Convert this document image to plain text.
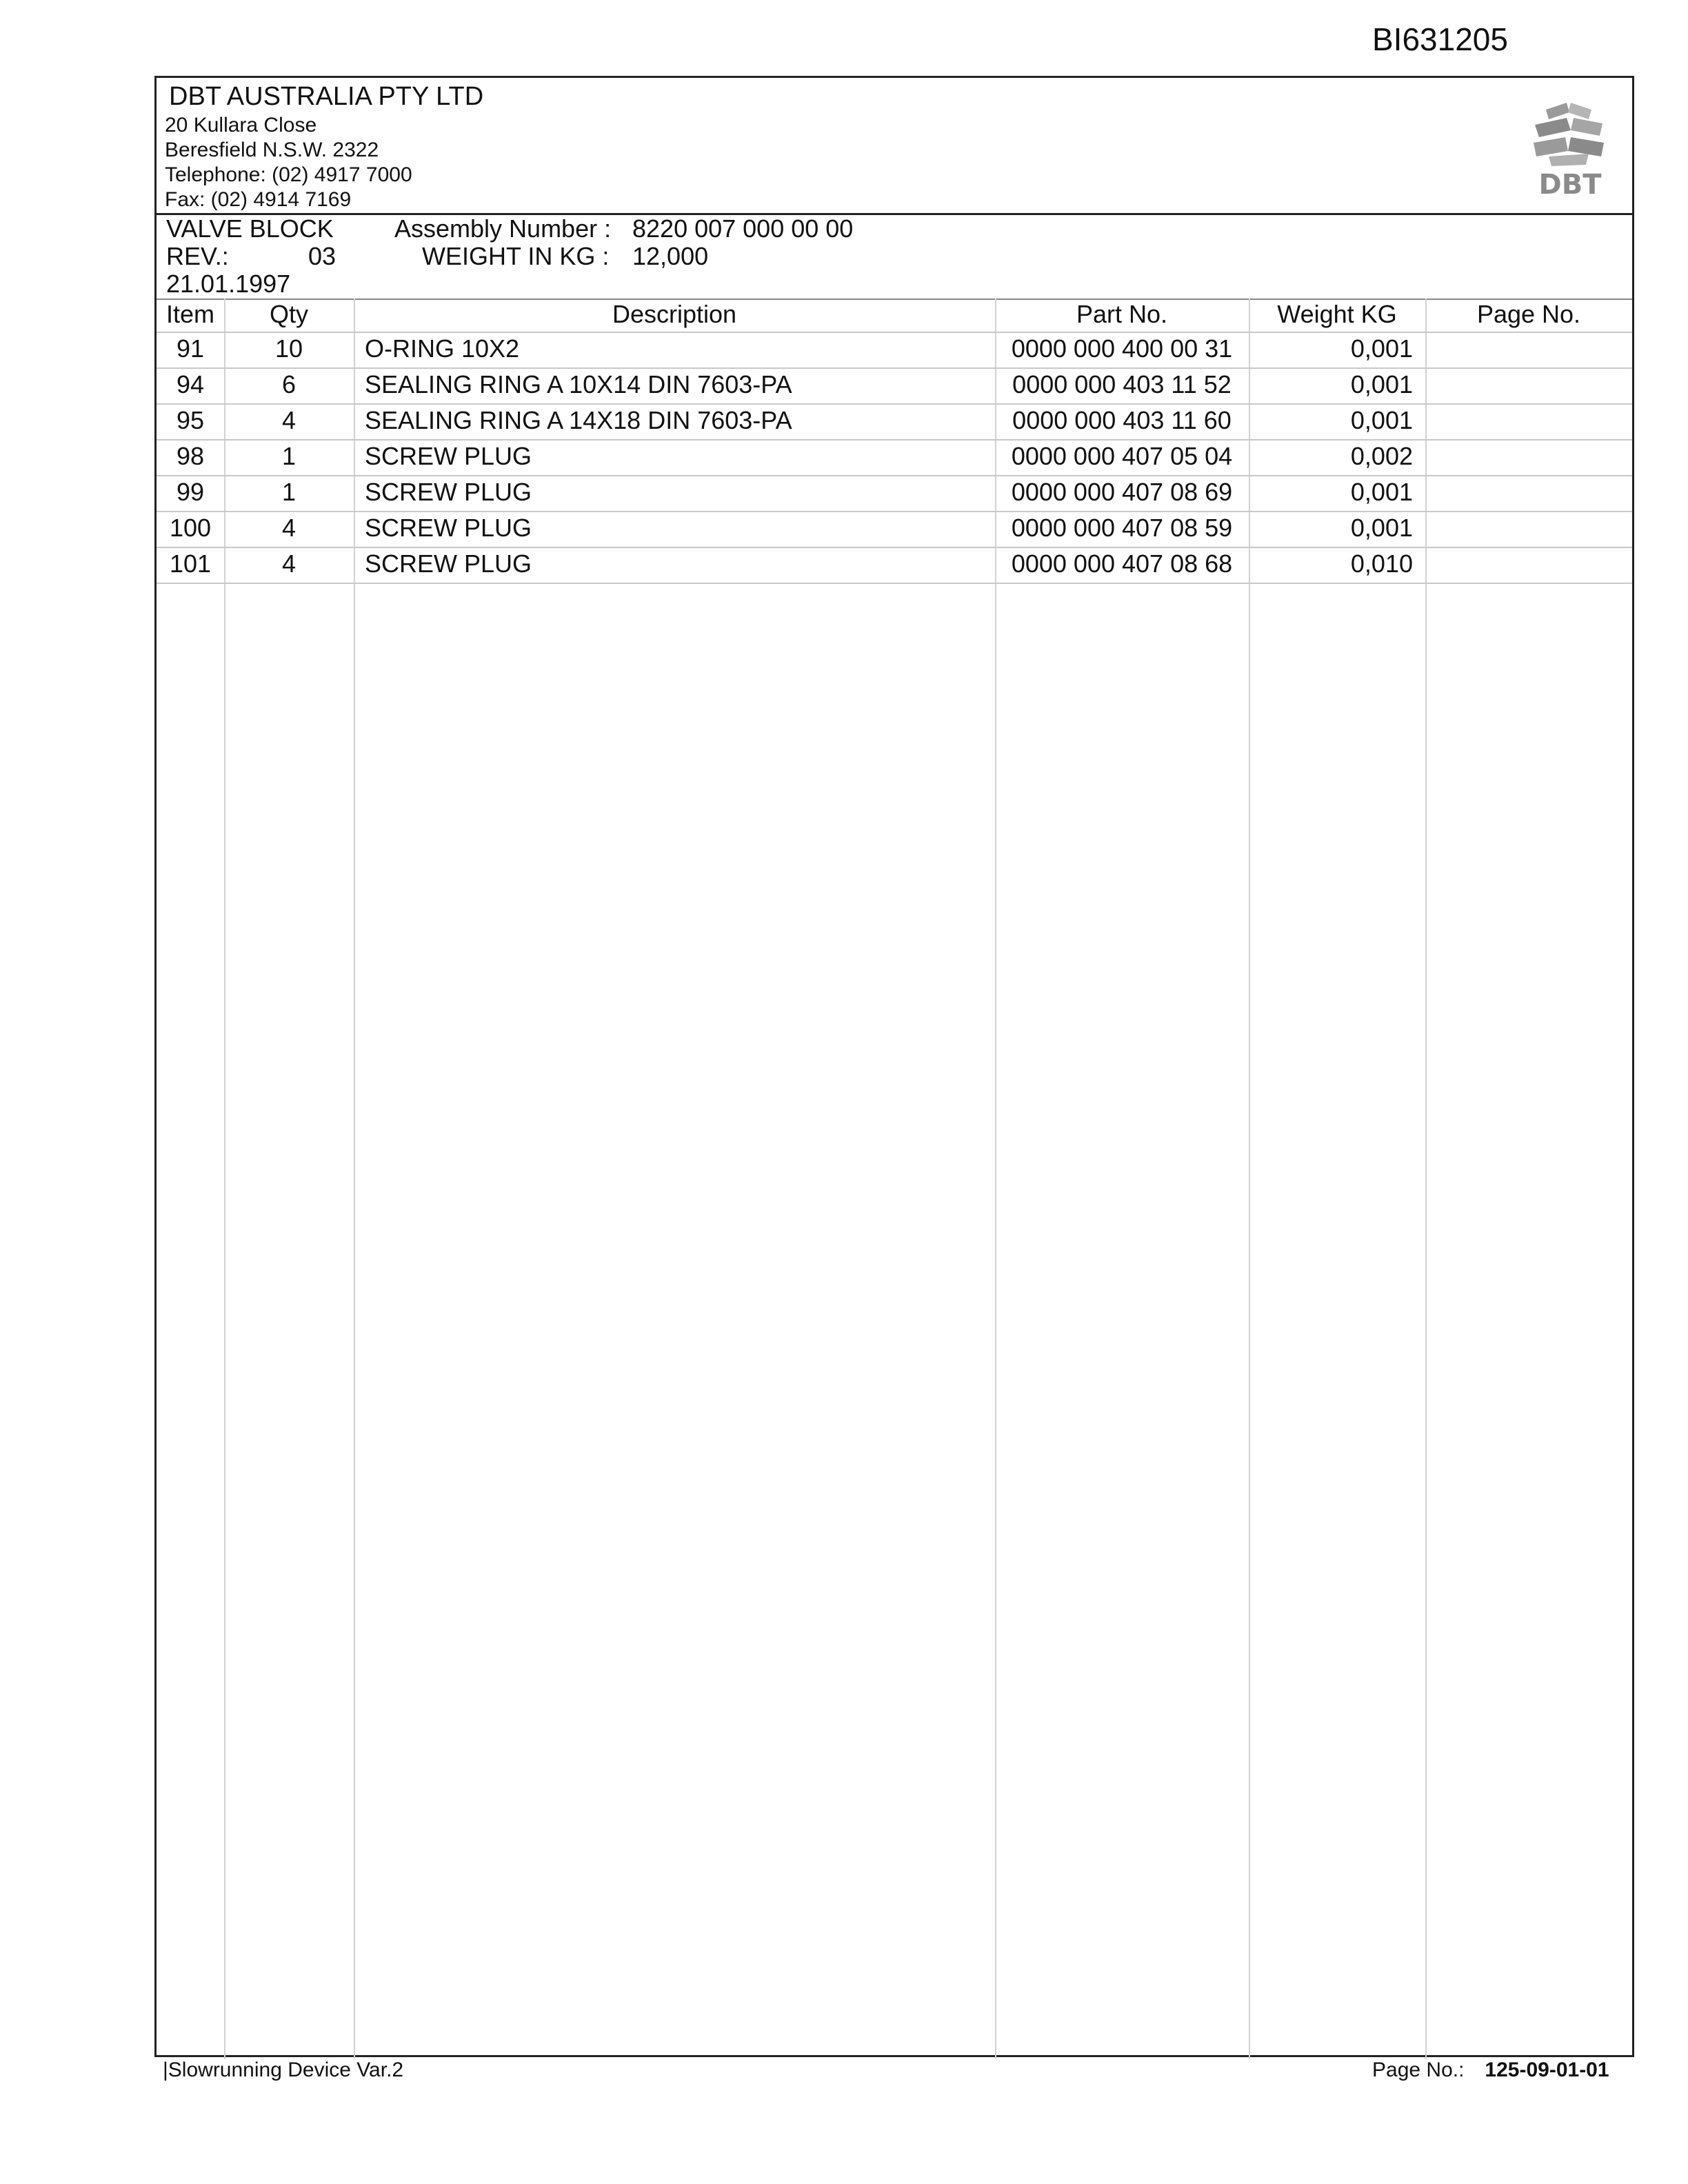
BI631205
DBT AUSTRALIA PTY LTD
20 Kullara Close
Beresfield N.S.W. 2322
Telephone: (02) 4917 7000
Fax: (02) 4914 7169	DBT
VALVE BLOCK
REV.:	03
21.01.1997
Assembly Number : 8220 007 000 00 00
WEIGHT IN KG : 12,000
Item	Qty	Description	Part No.	Weight KG	Page No.
91	10	O-RING 10X2	0000 000 400 00 31	0,001
94	6	SEALING RING A 10X14 DIN 7603-PA	0000 000 403 11 52	0,001
95	4	SEALING RING A 14X18 DIN 7603-PA	0000 000 403 11 60	0,001
98	1	SCREW PLUG	0000 000 407 05 04	0,002
99	1	SCREW PLUG	0000 000 407 08 69	0,001
100	4	SCREW PLUG	0000 000 407 08 59	0,001
101	4	SCREW PLUG	0000 000 407 08 68	0,010
|Slowrunning Device Var.2	Page No.: 125-09-01-01
